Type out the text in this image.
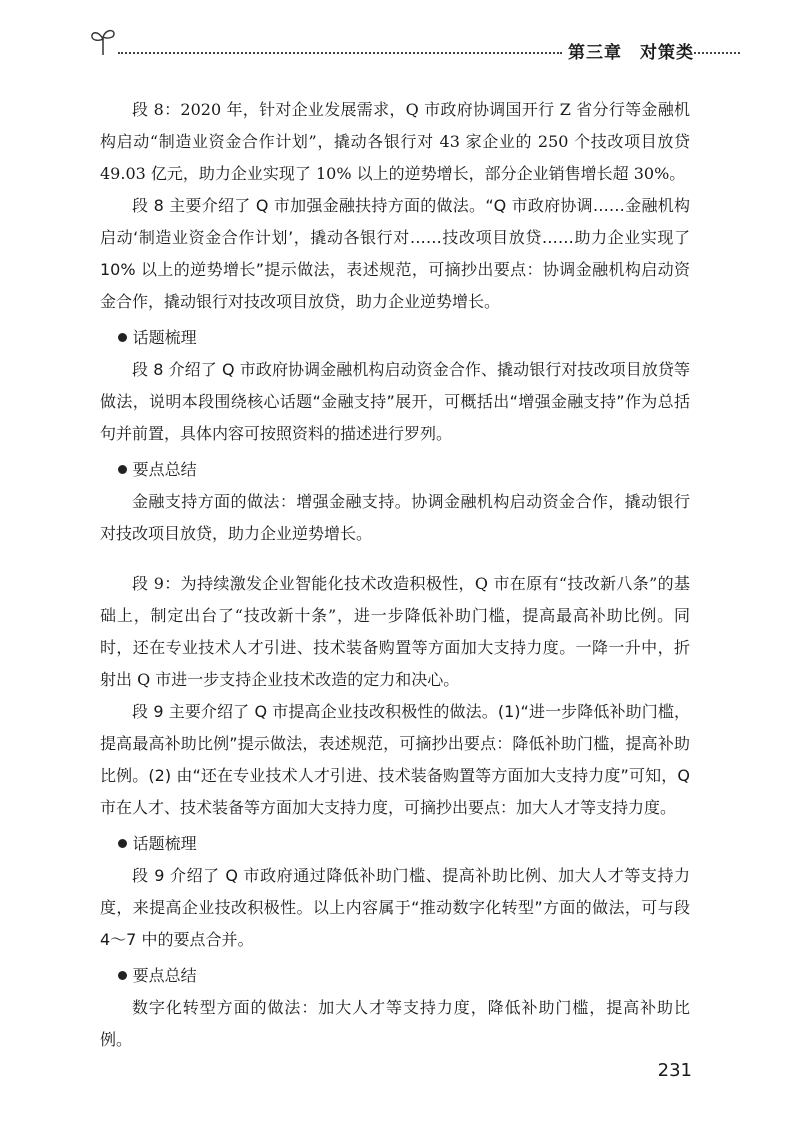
第三章 对策类

段 8：2020 年，针对企业发展需求，Q 市政府协调国开行 Z 省分行等金融机构启动“制造业资金合作计划”，撬动各银行对 43 家企业的 250 个技改项目放贷 49.03 亿元，助力企业实现了 10% 以上的逆势增长，部分企业销售增长超 30%。

段 8 主要介绍了 Q 市加强金融扶持方面的做法。“Q 市政府协调……金融机构启动‘制造业资金合作计划’，撬动各银行对……技改项目放贷……助力企业实现了 10% 以上的逆势增长”提示做法，表述规范，可摘抄出要点：协调金融机构启动资金合作，撬动银行对技改项目放贷，助力企业逆势增长。

话题梳理

段 8 介绍了 Q 市政府协调金融机构启动资金合作、撬动银行对技改项目放贷等做法，说明本段围绕核心话题“金融支持”展开，可概括出“增强金融支持”作为总括句并前置，具体内容可按照资料的描述进行罗列。

要点总结

金融支持方面的做法：增强金融支持。协调金融机构启动资金合作，撬动银行对技改项目放贷，助力企业逆势增长。

段 9：为持续激发企业智能化技术改造积极性，Q 市在原有“技改新八条”的基础上，制定出台了“技改新十条”，进一步降低补助门槛，提高最高补助比例。同时，还在专业技术人才引进、技术装备购置等方面加大支持力度。一降一升中，折射出 Q 市进一步支持企业技术改造的定力和决心。

段 9 主要介绍了 Q 市提高企业技改积极性的做法。(1)“进一步降低补助门槛，提高最高补助比例”提示做法，表述规范，可摘抄出要点：降低补助门槛，提高补助比例。(2) 由“还在专业技术人才引进、技术装备购置等方面加大支持力度”可知，Q 市在人才、技术装备等方面加大支持力度，可摘抄出要点：加大人才等支持力度。

话题梳理

段 9 介绍了 Q 市政府通过降低补助门槛、提高补助比例、加大人才等支持力度，来提高企业技改积极性。以上内容属于“推动数字化转型”方面的做法，可与段 4～7 中的要点合并。

要点总结

数字化转型方面的做法：加大人才等支持力度，降低补助门槛，提高补助比例。

231
